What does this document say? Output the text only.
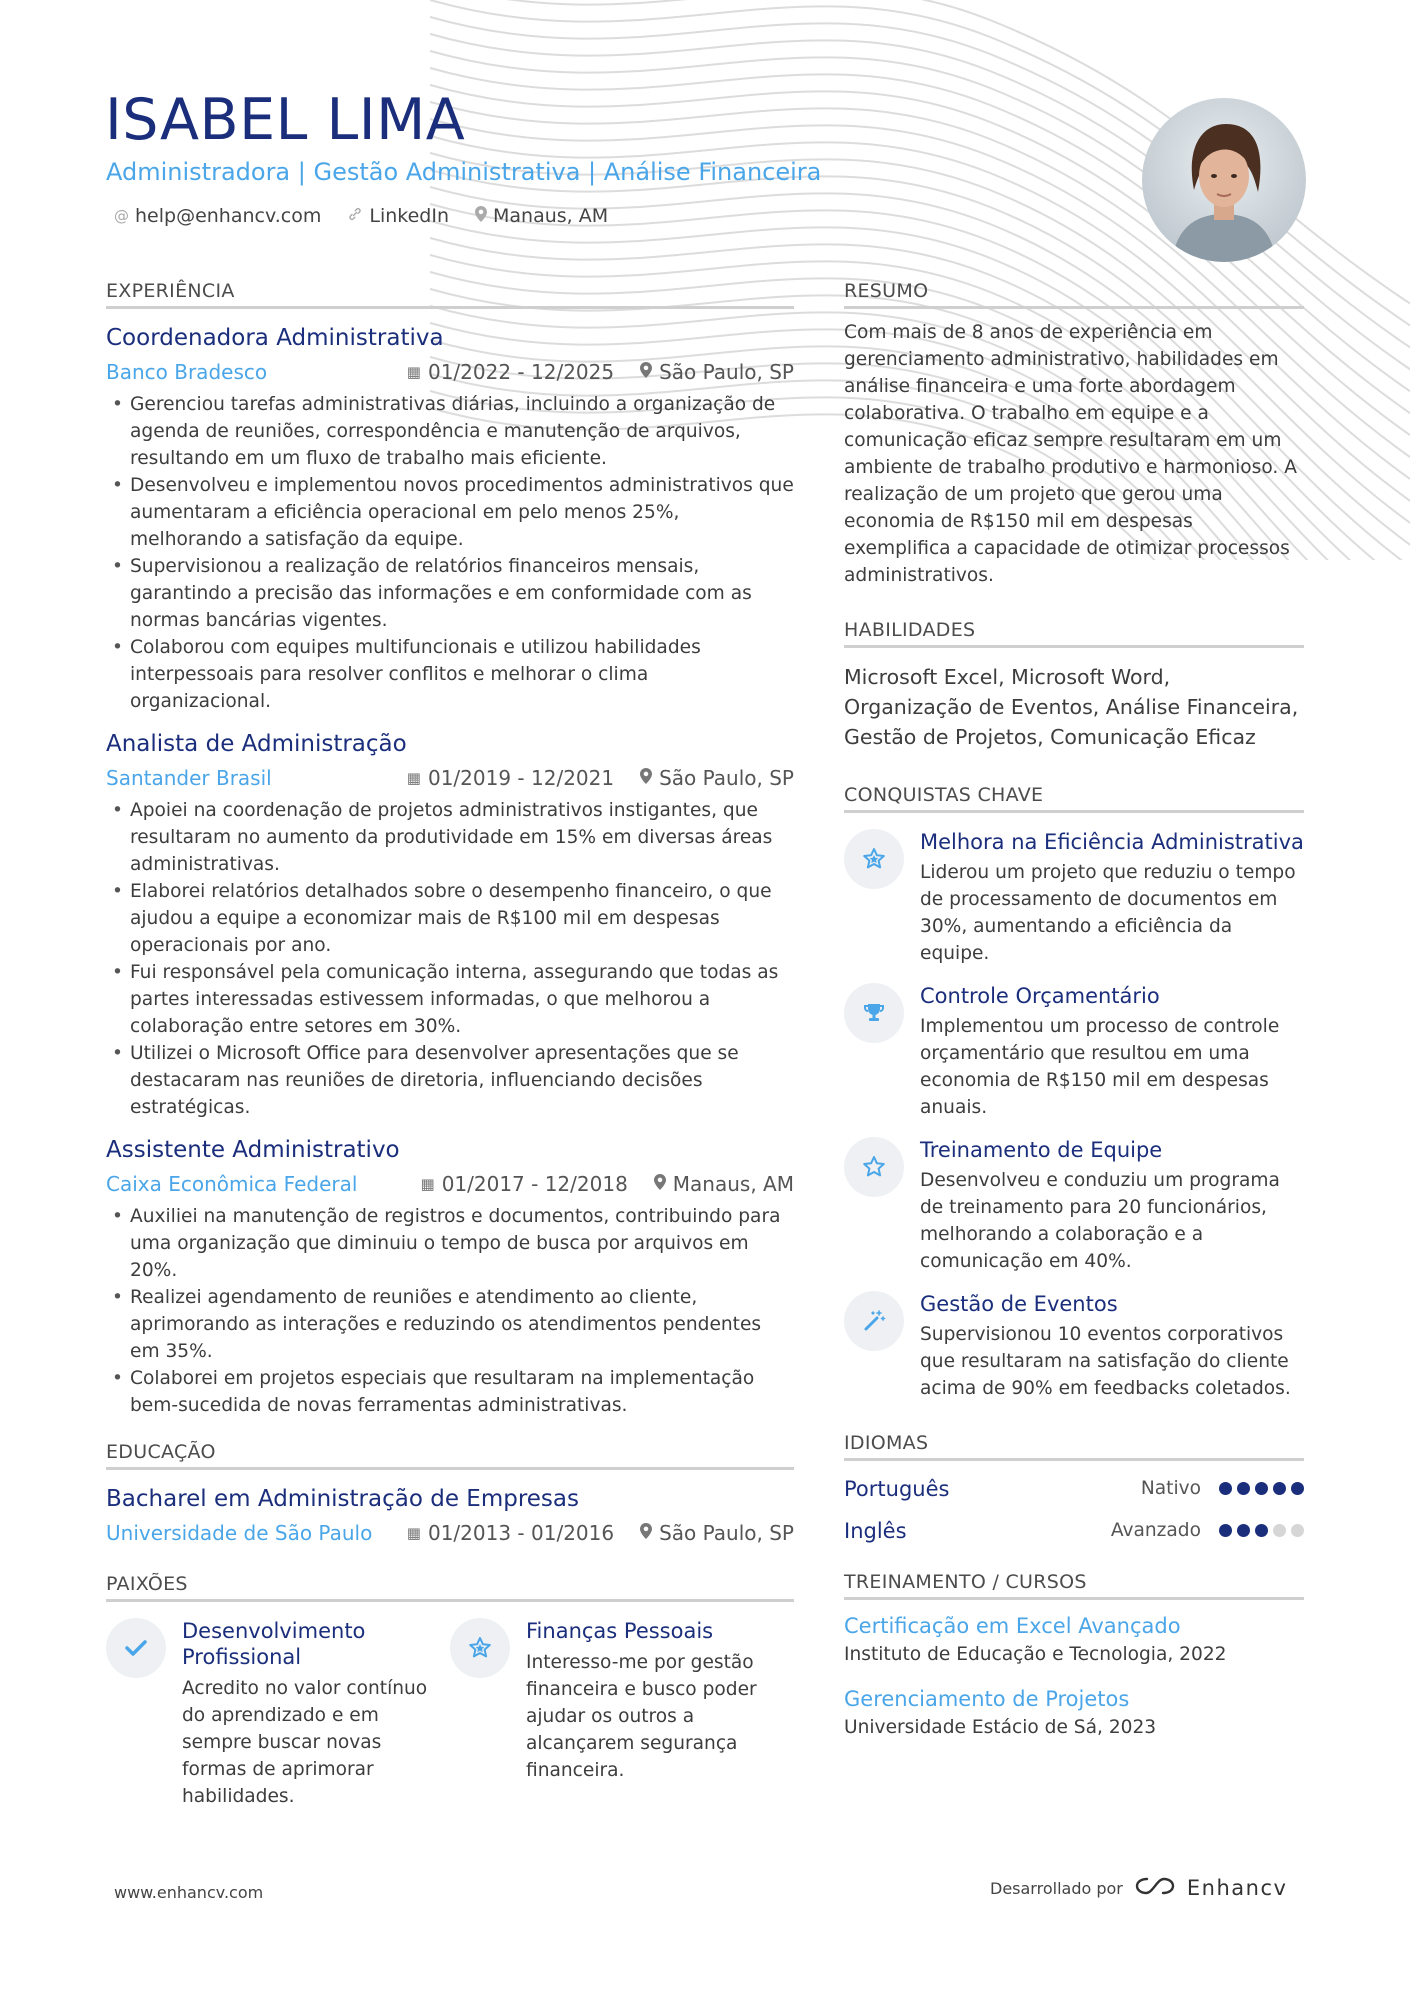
ISABEL LIMA
Administradora | Gestão Administrativa | Análise Financeira
@ help@enhancv.com	LinkedIn Manaus, AM
EXPERIÊNCIA
Coordenadora Administrativa
Banco Bradesco	▦ 01/2022 - 12/2025 São Paulo, SP
• Gerenciou tarefas administrativas diárias, incluindo a organização de agenda de reuniões, correspondência e manutenção de arquivos, resultando em um fluxo de trabalho mais eficiente.
• Desenvolveu e implementou novos procedimentos administrativos que aumentaram a eficiência operacional em pelo menos 25%, melhorando a satisfação da equipe.
• Supervisionou a realização de relatórios financeiros mensais, garantindo a precisão das informações e em conformidade com as normas bancárias vigentes.
• Colaborou com equipes multifuncionais e utilizou habilidades interpessoais para resolver conflitos e melhorar o clima organizacional.
Analista de Administração
Santander Brasil	▦ 01/2019 - 12/2021 São Paulo, SP
• Apoiei na coordenação de projetos administrativos instigantes, que resultaram no aumento da produtividade em 15% em diversas áreas administrativas.
• Elaborei relatórios detalhados sobre o desempenho financeiro, o que ajudou a equipe a economizar mais de R$100 mil em despesas operacionais por ano.
• Fui responsável pela comunicação interna, assegurando que todas as partes interessadas estivessem informadas, o que melhorou a colaboração entre setores em 30%.
• Utilizei o Microsoft Office para desenvolver apresentações que se destacaram nas reuniões de diretoria, influenciando decisões estratégicas.
Assistente Administrativo
Caixa Econômica Federal	▦ 01/2017 - 12/2018 Manaus, AM
• Auxiliei na manutenção de registros e documentos, contribuindo para uma organização que diminuiu o tempo de busca por arquivos em 20%.
• Realizei agendamento de reuniões e atendimento ao cliente, aprimorando as interações e reduzindo os atendimentos pendentes em 35%.
• Colaborei em projetos especiais que resultaram na implementação bem-sucedida de novas ferramentas administrativas.
EDUCAÇÃO
Bacharel em Administração de Empresas
Universidade de São Paulo	▦ 01/2013 - 01/2016 São Paulo, SP
PAIXÕES
Desenvolvimento Profissional
Acredito no valor contínuo do aprendizado e em sempre buscar novas formas de aprimorar habilidades.
Finanças Pessoais
Interesso-me por gestão financeira e busco poder ajudar os outros a alcançarem segurança financeira.
RESUMO
Com mais de 8 anos de experiência em gerenciamento administrativo, habilidades em análise financeira e uma forte abordagem colaborativa. O trabalho em equipe e a comunicação eficaz sempre resultaram em um ambiente de trabalho produtivo e harmonioso. A realização de um projeto que gerou uma economia de R$150 mil em despesas exemplifica a capacidade de otimizar processos administrativos.
HABILIDADES
Microsoft Excel, Microsoft Word, Organização de Eventos, Análise Financeira, Gestão de Projetos, Comunicação Eficaz
CONQUISTAS CHAVE
Melhora na Eficiência Administrativa
Liderou um projeto que reduziu o tempo de processamento de documentos em 30%, aumentando a eficiência da equipe.
Controle Orçamentário
Implementou um processo de controle orçamentário que resultou em uma economia de R$150 mil em despesas anuais.
Treinamento de Equipe
Desenvolveu e conduziu um programa de treinamento para 20 funcionários, melhorando a colaboração e a comunicação em 40%.
Gestão de Eventos
Supervisionou 10 eventos corporativos que resultaram na satisfação do cliente acima de 90% em feedbacks coletados.
IDIOMAS
Português	Nativo
Inglês	Avanzado
TREINAMENTO / CURSOS
Certificação em Excel Avançado
Instituto de Educação e Tecnologia, 2022
Gerenciamento de Projetos
Universidade Estácio de Sá, 2023
www.enhancv.com	Desarrollado por	Enhancv
